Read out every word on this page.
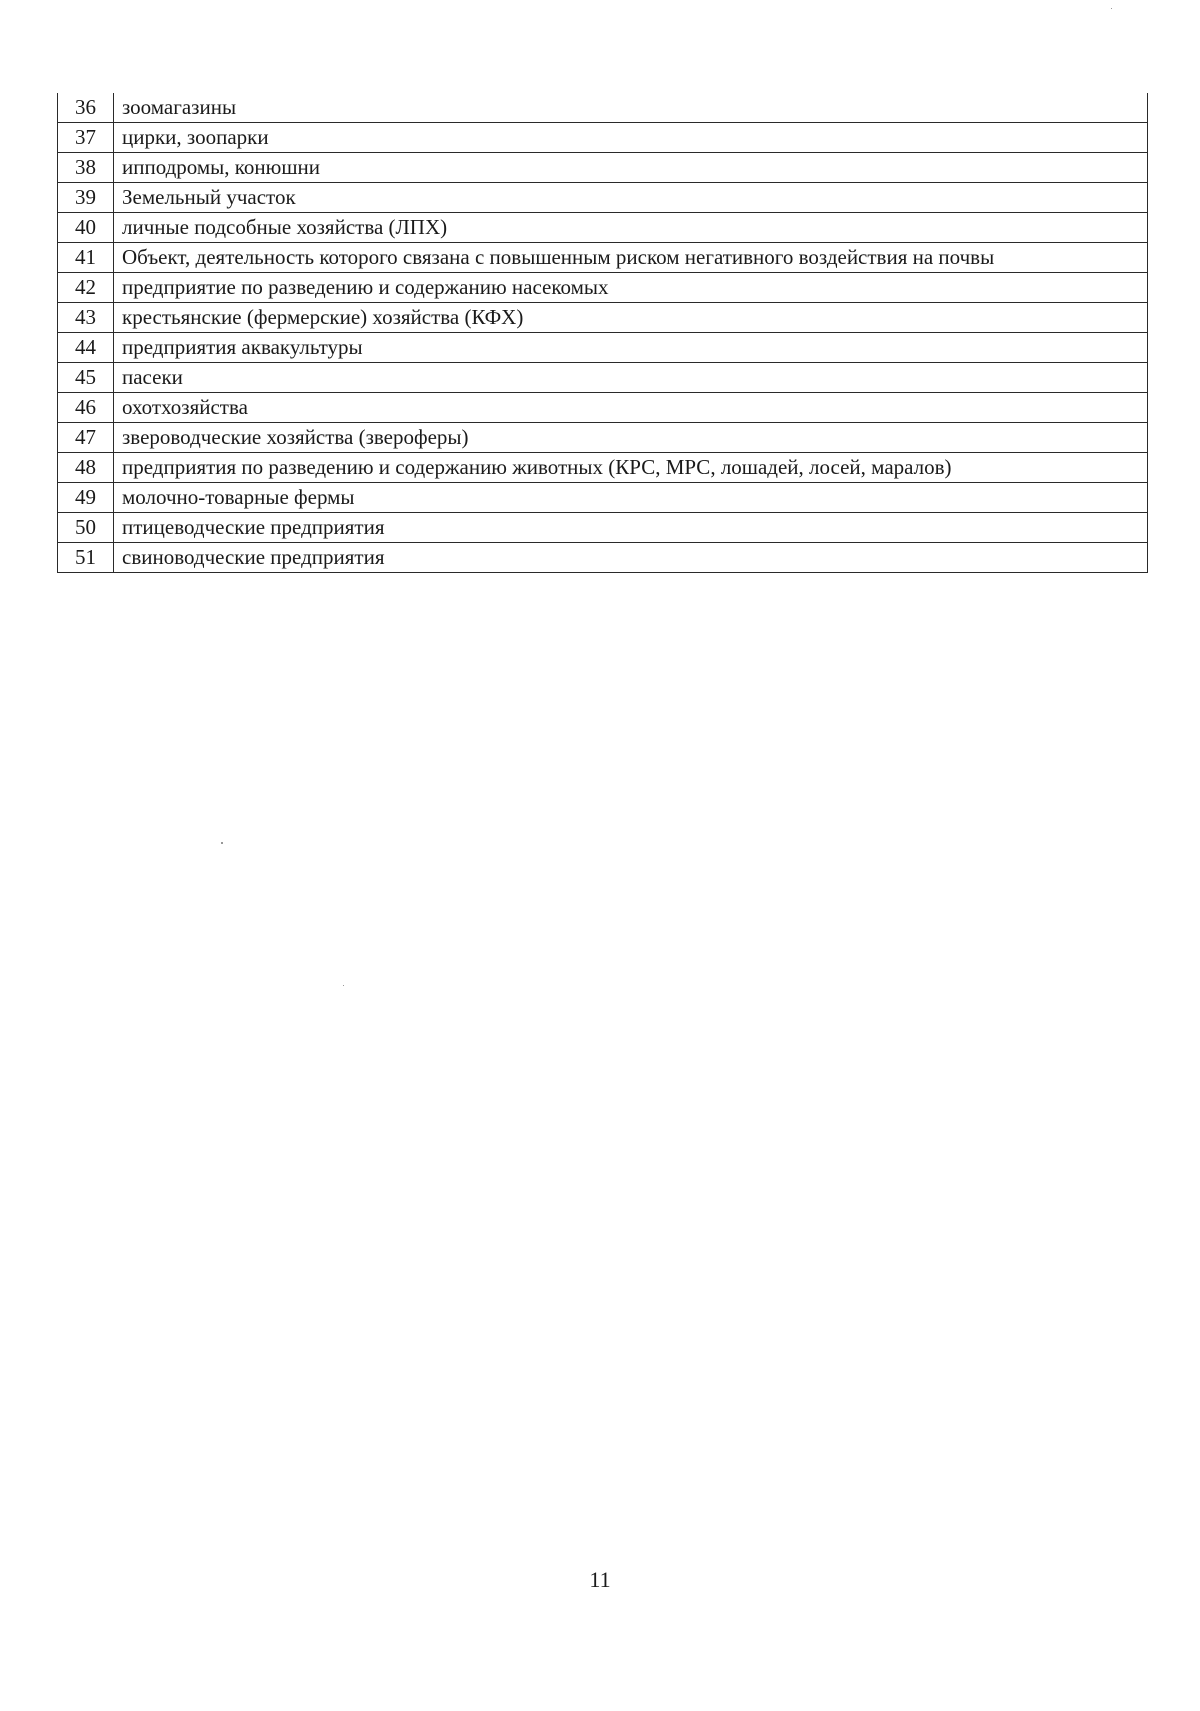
36	зоомагазины
37	цирки, зоопарки
38	ипподромы, конюшни
39	Земельный участок
40	личные подсобные хозяйства (ЛПХ)
41	Объект, деятельность которого связана с повышенным риском негативного воздействия на почвы
42	предприятие по разведению и содержанию насекомых
43	крестьянские (фермерские) хозяйства (КФХ)
44	предприятия аквакультуры
45	пасеки
46	охотхозяйства
47	звероводческие хозяйства (звероферы)
48	предприятия по разведению и содержанию животных (КРС, МРС, лошадей, лосей, маралов)
49	молочно-товарные фермы
50	птицеводческие предприятия
51	свиноводческие предприятия
11
